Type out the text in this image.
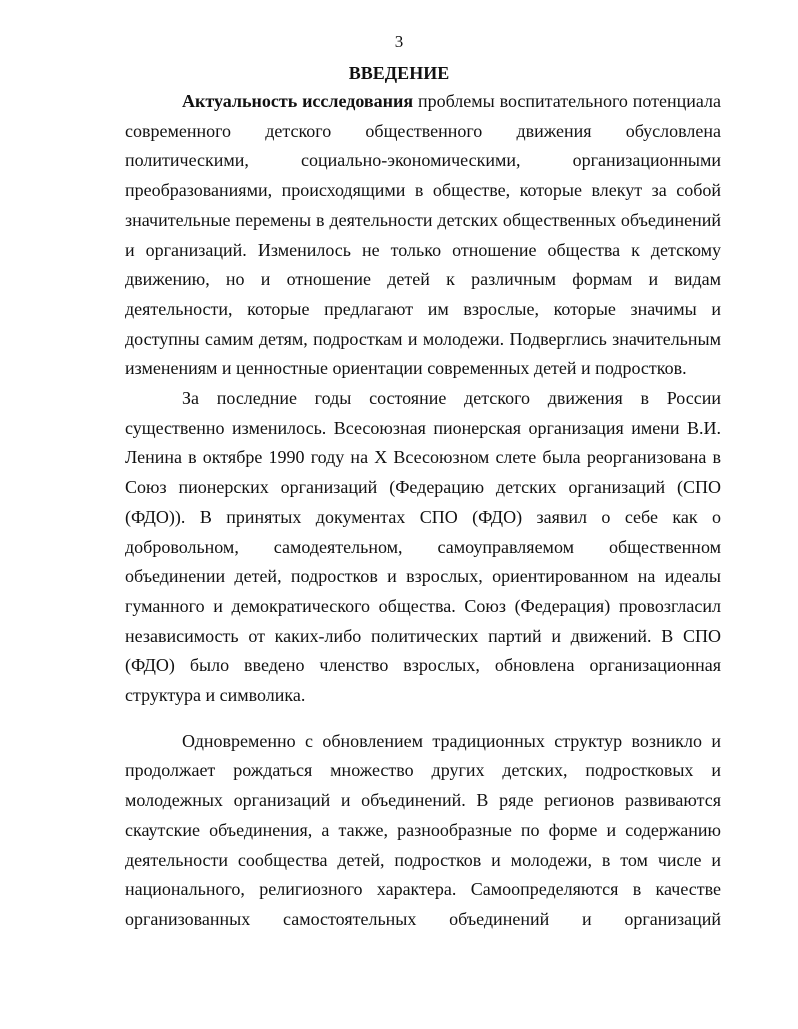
3
ВВЕДЕНИЕ

Актуальность исследования проблемы воспитательного потенциала современного детского общественного движения обусловлена политическими, социально-экономическими, организационными преобразованиями, происходящими в обществе, которые влекут за собой значительные перемены в деятельности детских общественных объединений и организаций. Изменилось не только отношение общества к детскому движению, но и отношение детей к различным формам и видам деятельности, которые предлагают им взрослые, которые значимы и доступны самим детям, подросткам и молодежи. Подверглись значительным изменениям и ценностные ориентации современных детей и подростков.

За последние годы состояние детского движения в России существенно изменилось. Всесоюзная пионерская организация имени В.И. Ленина в октябре 1990 году на X Всесоюзном слете была реорганизована в Союз пионерских организаций (Федерацию детских организаций (СПО (ФДО)). В принятых документах СПО (ФДО) заявил о себе как о добровольном, самодеятельном, самоуправляемом общественном объединении детей, подростков и взрослых, ориентированном на идеалы гуманного и демократического общества. Союз (Федерация) провозгласил независимость от каких-либо политических партий и движений. В СПО (ФДО) было введено членство взрослых, обновлена организационная структура и символика.

Одновременно с обновлением традиционных структур возникло и продолжает рождаться множество других детских, подростковых и молодежных организаций и объединений. В ряде регионов развиваются скаутские объединения, а также, разнообразные по форме и содержанию деятельности сообщества детей, подростков и молодежи, в том числе и национального, религиозного характера. Самоопределяются в качестве организованных самостоятельных объединений и организаций
